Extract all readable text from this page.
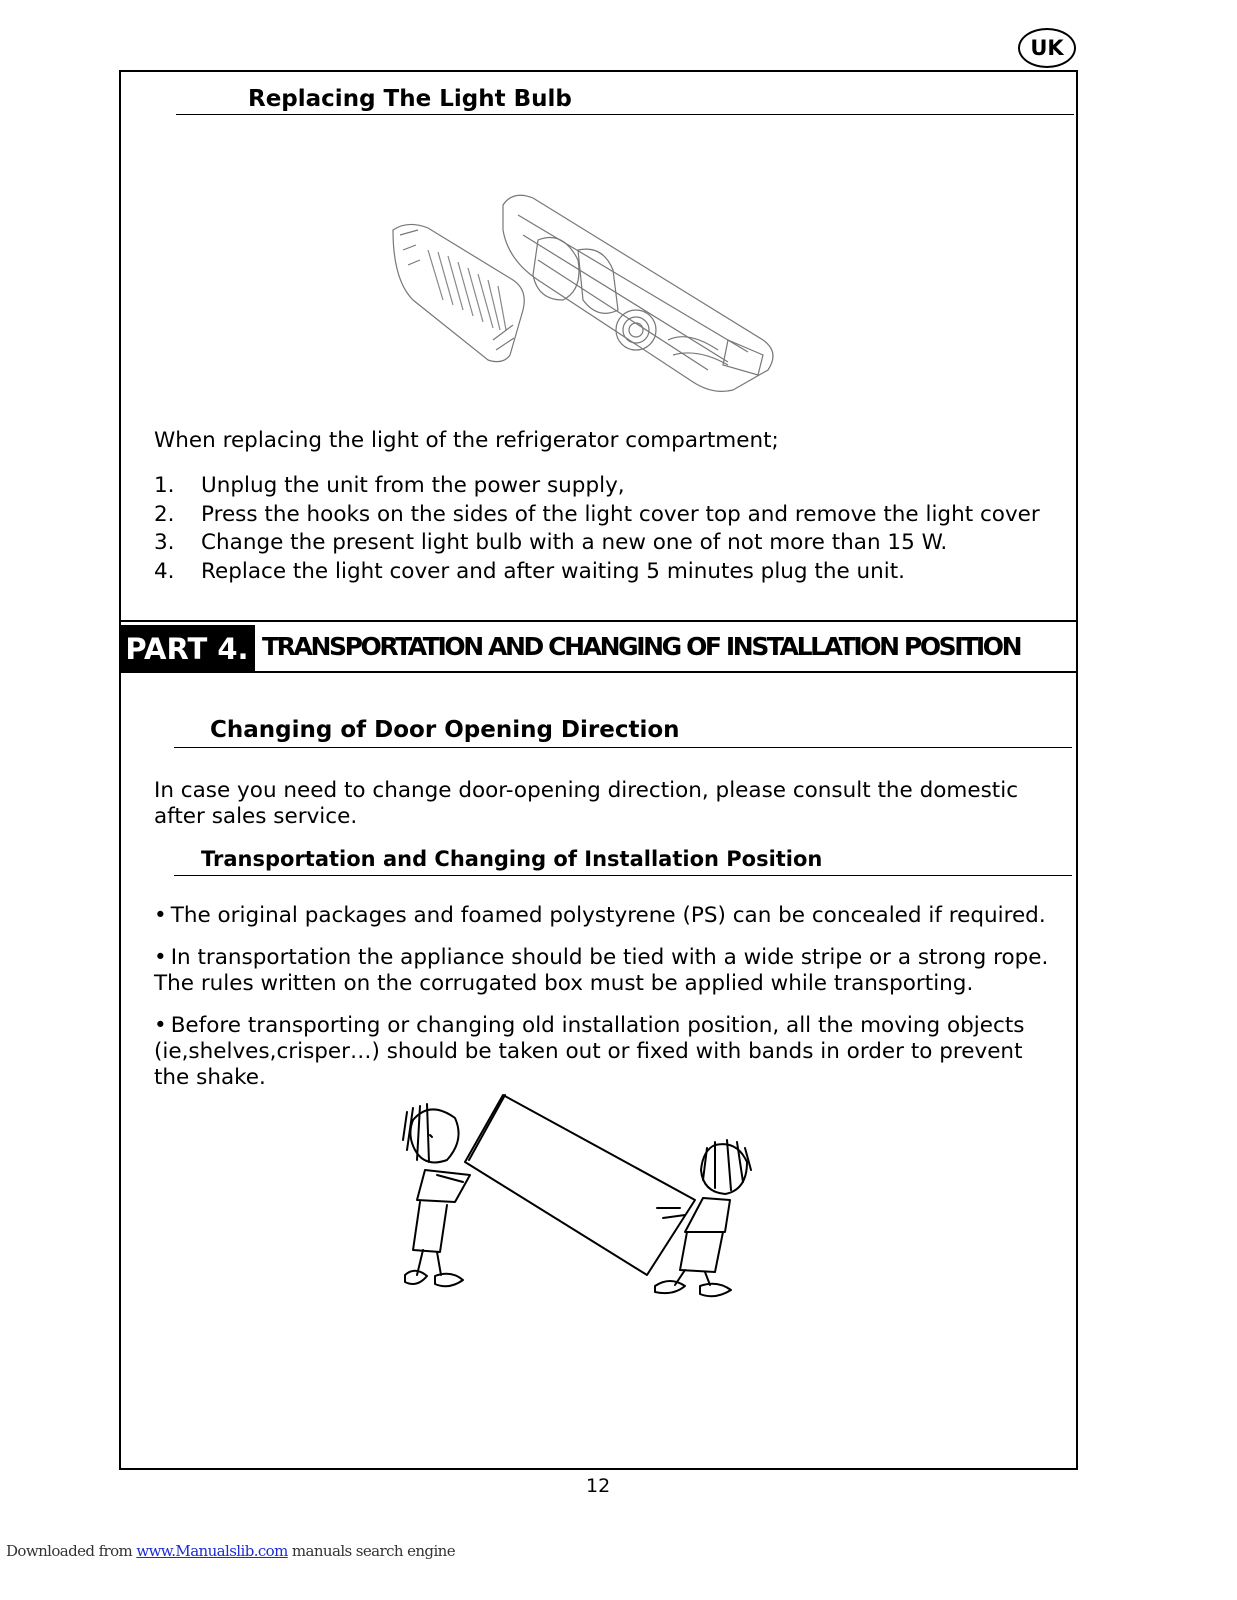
UK
Replacing The Light Bulb
When replacing the light of the refrigerator compartment;
1. Unplug the unit from the power supply,
2. Press the hooks on the sides of the light cover top and remove the light cover
3. Change the present light bulb with a new one of not more than 15 W.
4. Replace the light cover and after waiting 5 minutes plug the unit.
PART 4. TRANSPORTATION AND CHANGING OF INSTALLATION POSITION
Changing of Door Opening Direction
In case you need to change door-opening direction, please consult the domestic after sales service.
Transportation and Changing of Installation Position
• The original packages and foamed polystyrene (PS) can be concealed if required.
• In transportation the appliance should be tied with a wide stripe or a strong rope. The rules written on the corrugated box must be applied while transporting.
• Before transporting or changing old installation position, all the moving objects (ie,shelves,crisper…) should be taken out or fixed with bands in order to prevent the shake.
12
Downloaded from www.Manualslib.com manuals search engine
